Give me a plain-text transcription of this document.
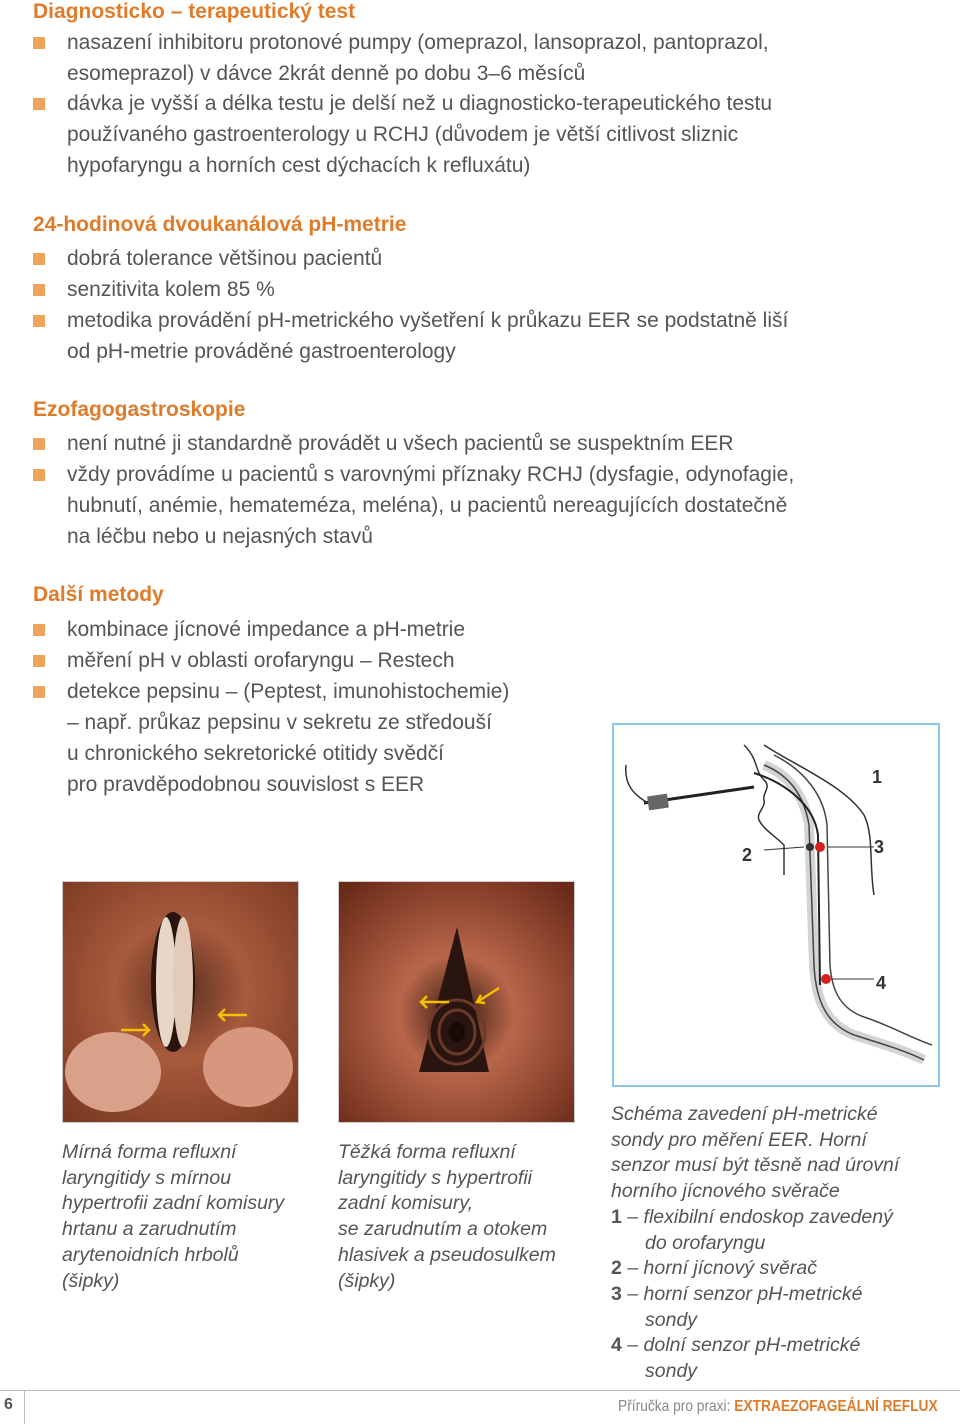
Diagnosticko – terapeutický test
nasazení inhibitoru protonové pumpy (omeprazol, lansoprazol, pantoprazol,
esomeprazol) v dávce 2krát denně po dobu 3–6 měsíců
dávka je vyšší a délka testu je delší než u diagnosticko-terapeutického testu
používaného gastroenterology u RCHJ (důvodem je větší citlivost sliznic
hypofaryngu a horních cest dýchacích k refluxátu)
24-hodinová dvoukanálová pH-metrie
dobrá tolerance většinou pacientů
senzitivita kolem 85 %
metodika provádění pH-metrického vyšetření k průkazu EER se podstatně liší
od pH-metrie prováděné gastroenterology
Ezofagogastroskopie
není nutné ji standardně provádět u všech pacientů se suspektním EER
vždy provádíme u pacientů s varovnými příznaky RCHJ (dysfagie, odynofagie,
hubnutí, anémie, hemateméza, meléna), u pacientů nereagujících dostatečně
na léčbu nebo u nejasných stavů
Další metody
kombinace jícnové impedance a pH-metrie
měření pH v oblasti orofaryngu – Restech
detekce pepsinu – (Peptest, imunohistochemie)
– např. průkaz pepsinu v sekretu ze středouší
u chronického sekretorické otitidy svědčí
pro pravděpodobnou souvislost s EER	1
2	3
4
Mírná forma refluxní
laryngitidy s mírnou
hypertrofii zadní komisury
hrtanu a zarudnutím
arytenoidních hrbolů
(šipky)
Těžká forma refluxní
laryngitidy s hypertrofii
zadní komisury,
se zarudnutím a otokem
hlasivek a pseudosulkem
(šipky)
Schéma zavedení pH-metrické
sondy pro měření EER. Horní
senzor musí být těsně nad úrovní
horního jícnového svěrače
1 – flexibilní endoskop zavedený
do orofaryngu
2 – horní jícnový svěrač
3 – horní senzor pH-metrické
sondy
4 – dolní senzor pH-metrické
sondy
6	Příručka pro praxi: EXTRAEZOFAGEÁLNÍ REFLUX
